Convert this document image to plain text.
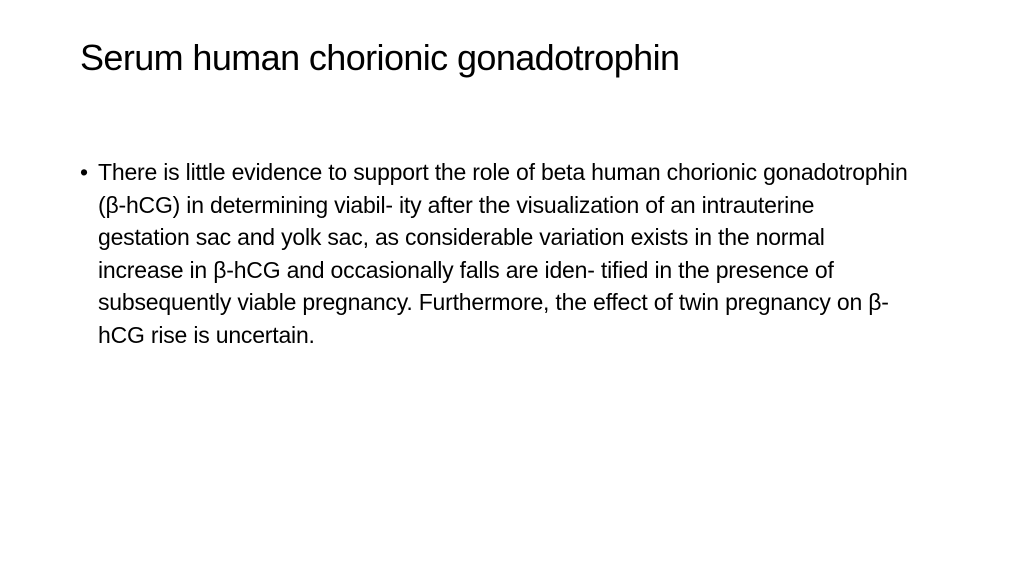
Serum human chorionic gonadotrophin
• There is little evidence to support the role of beta human chorionic gonadotrophin (β-hCG) in determining viabil- ity after the visualization of an intrauterine gestation sac and yolk sac, as considerable variation exists in the normal increase in β-hCG and occasionally falls are iden- tified in the presence of subsequently viable pregnancy. Furthermore, the effect of twin pregnancy on β-hCG rise is uncertain.
